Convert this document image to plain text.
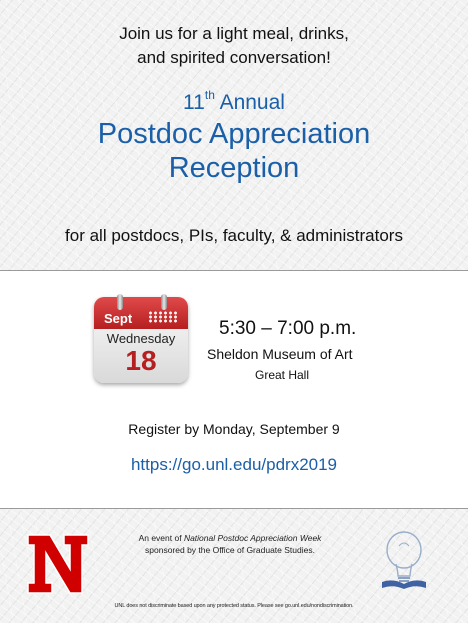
Join us for a light meal, drinks,
and spirited conversation!
11th Annual
Postdoc Appreciation
Reception
for all postdocs, PIs, faculty, & administrators
Sept
Wednesday
18
5:30 – 7:00 p.m.
Sheldon Museum of Art
Great Hall
Register by Monday, September 9
https://go.unl.edu/pdrx2019
An event of National Postdoc Appreciation Week
sponsored by the Office of Graduate Studies.
UNL does not discriminate based upon any protected status. Please see go.unl.edu/nondiscrimination.
